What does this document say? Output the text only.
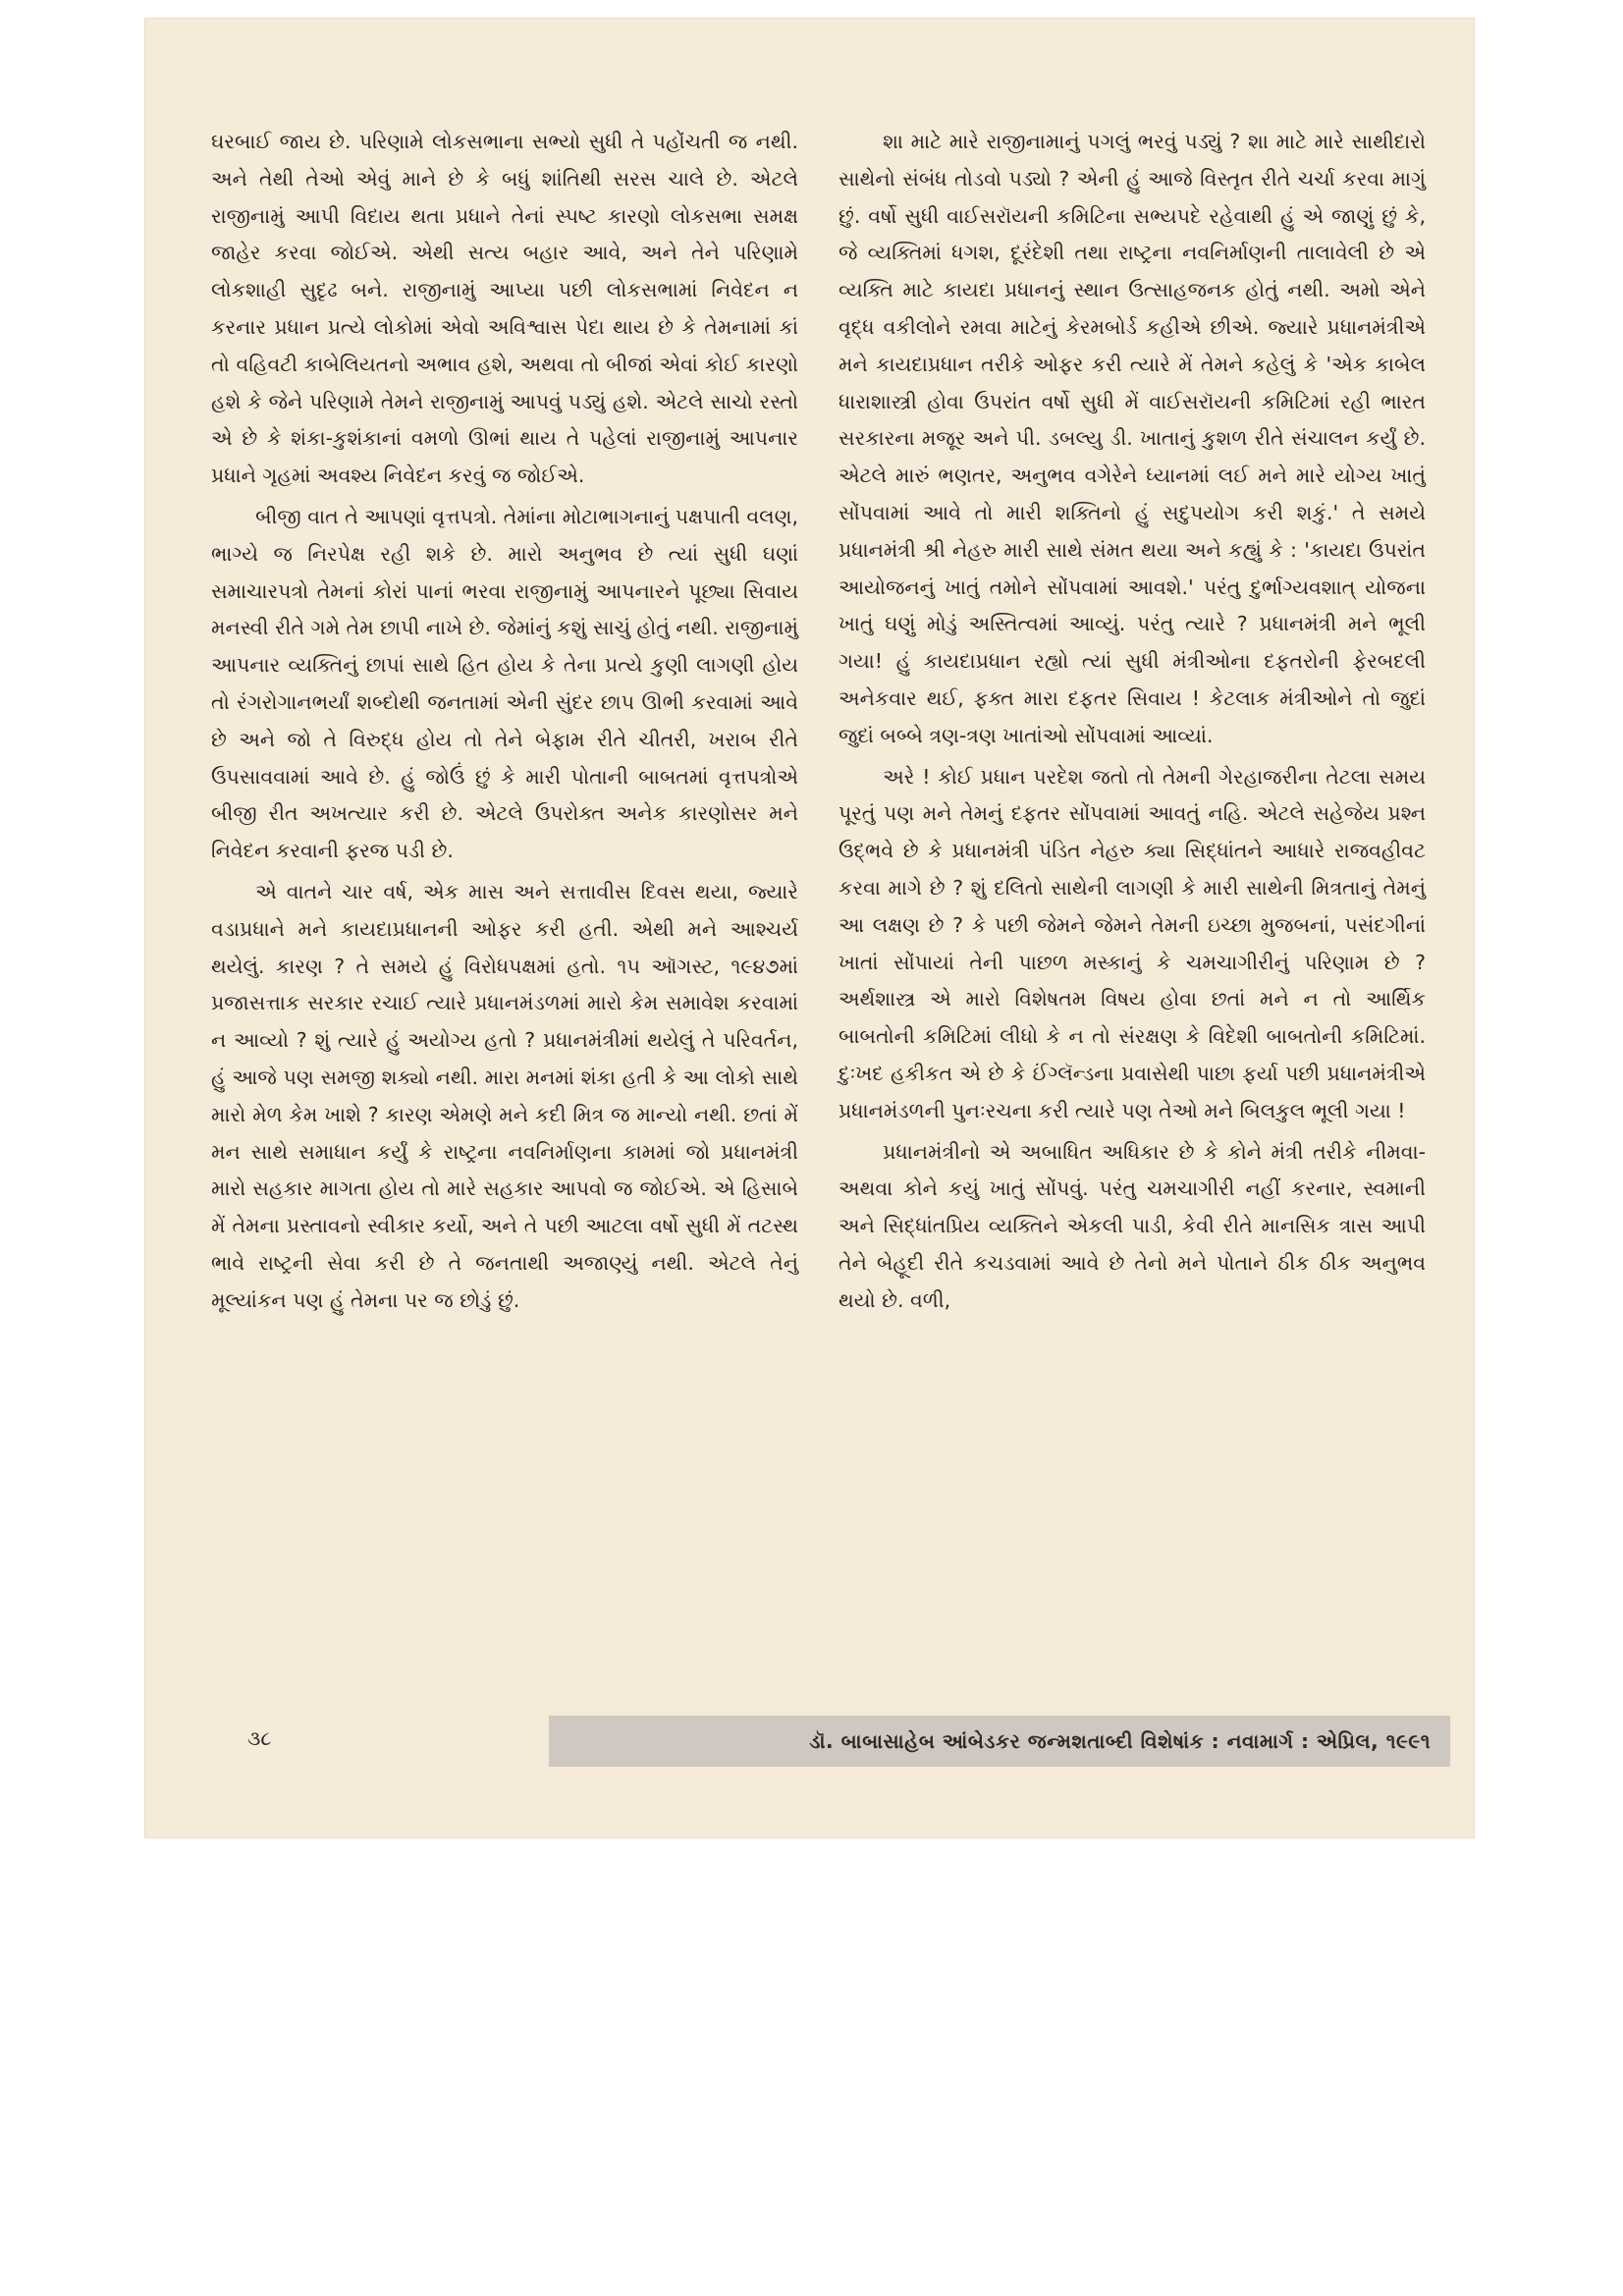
ઘરબાઈ જાય છે. પરિણામે લોકસભાના સભ્યો સુધી તે પહોંચતી જ નથી. અને તેથી તેઓ એવું માને છે કે બધું શાંતિથી સરસ ચાલે છે. એટલે રાજીનામું આપી વિદાય થતા પ્રધાને તેનાં સ્પષ્ટ કારણો લોકસભા સમક્ષ જાહેર કરવા જોઈએ. એથી સત્ય બહાર આવે, અને તેને પરિણામે લોકશાહી સુદૃઢ બને. રાજીનામું આપ્યા પછી લોકસભામાં નિવેદન ન કરનાર પ્રધાન પ્રત્યે લોકોમાં એવો અવિશ્વાસ પેદા થાય છે કે તેમનામાં કાં તો વહિવટી કાબેલિયતનો અભાવ હશે, અથવા તો બીજાં એવાં કોઈ કારણો હશે કે જેને પરિણામે તેમને રાજીનામું આપવું પડ્યું હશે. એટલે સાચો રસ્તો એ છે કે શંકા-કુશંકાનાં વમળો ઊભાં થાય તે પહેલાં રાજીનામું આપનાર પ્રધાને ગૃહમાં અવશ્ય નિવેદન કરવું જ જોઈએ.

બીજી વાત તે આપણાં વૃત્તપત્રો. તેમાંના મોટાભાગનાનું પક્ષપાતી વલણ, ભાગ્યે જ નિરપેક્ષ રહી શકે છે. મારો અનુભવ છે ત્યાં સુધી ઘણાં સમાચારપત્રો તેમનાં કોરાં પાનાં ભરવા રાજીનામું આપનારને પૂછ્યા સિવાય મનસ્વી રીતે ગમે તેમ છાપી નાખે છે. જેમાંનું કશું સાચું હોતું નથી. રાજીનામું આપનાર વ્યક્તિનું છાપાં સાથે હિત હોય કે તેના પ્રત્યે કુણી લાગણી હોય તો રંગરોગાનભર્યાં શબ્દોથી જનતામાં એની સુંદર છાપ ઊભી કરવામાં આવે છે અને જો તે વિરુદ્ધ હોય તો તેને બેફામ રીતે ચીતરી, ખરાબ રીતે ઉપસાવવામાં આવે છે. હું જોઉં છું કે મારી પોતાની બાબતમાં વૃત્તપત્રોએ બીજી રીત અખત્યાર કરી છે. એટલે ઉપરોક્ત અનેક કારણોસર મને નિવેદન કરવાની ફરજ પડી છે.

એ વાતને ચાર વર્ષ, એક માસ અને સત્તાવીસ દિવસ થયા, જ્યારે વડાપ્રધાને મને કાયદાપ્રધાનની ઓફર કરી હતી. એથી મને આશ્ચર્ય થયેલું. કારણ ? તે સમયે હું વિરોધપક્ષમાં હતો. ૧૫ ઑગસ્ટ, ૧૯૪૭માં પ્રજાસત્તાક સરકાર રચાઈ ત્યારે પ્રધાનમંડળમાં મારો કેમ સમાવેશ કરવામાં ન આવ્યો ? શું ત્યારે હું અયોગ્ય હતો ? પ્રધાનમંત્રીમાં થયેલું તે પરિવર્તન, હું આજે પણ સમજી શક્યો નથી. મારા મનમાં શંકા હતી કે આ લોકો સાથે મારો મેળ કેમ ખાશે ? કારણ એમણે મને કદી મિત્ર જ માન્યો નથી. છતાં મેં મન સાથે સમાધાન કર્યું કે રાષ્ટ્રના નવનિર્માણના કામમાં જો પ્રધાનમંત્રી મારો સહકાર માગતા હોય તો મારે સહકાર આપવો જ જોઈએ. એ હિસાબે મેં તેમના પ્રસ્તાવનો સ્વીકાર કર્યો, અને તે પછી આટલા વર્ષો સુધી મેં તટસ્થ ભાવે રાષ્ટ્રની સેવા કરી છે તે જનતાથી અજાણ્યું નથી. એટલે તેનું મૂલ્યાંકન પણ હું તેમના પર જ છોડું છું.

શા માટે મારે રાજીનામાનું પગલું ભરવું પડ્યું ? શા માટે મારે સાથીદારો સાથેનો સંબંધ તોડવો પડ્યો ? એની હું આજે વિસ્તૃત રીતે ચર્ચા કરવા માગું છું. વર્ષો સુધી વાઈસરૉયની કમિટિના સભ્યપદે રહેવાથી હું એ જાણું છું કે, જે વ્યક્તિમાં ધગશ, દૂરંદેશી તથા રાષ્ટ્રના નવનિર્માણની તાલાવેલી છે એ વ્યક્તિ માટે કાયદા પ્રધાનનું સ્થાન ઉત્સાહજનક હોતું નથી. અમો એને વૃદ્ધ વકીલોને રમવા માટેનું કેરમબોર્ડ કહીએ છીએ. જ્યારે પ્રધાનમંત્રીએ મને કાયદાપ્રધાન તરીકે ઓફર કરી ત્યારે મેં તેમને કહેલું કે 'એક કાબેલ ધારાશાસ્ત્રી હોવા ઉપરાંત વર્ષો સુધી મેં વાઈસરૉયની કમિટિમાં રહી ભારત સરકારના મજૂર અને પી. ડબલ્યુ ડી. ખાતાનું કુશળ રીતે સંચાલન કર્યું છે. એટલે મારું ભણતર, અનુભવ વગેરેને ધ્યાનમાં લઈ મને મારે યોગ્ય ખાતું સોંપવામાં આવે તો મારી શક્તિનો હું સદુપયોગ કરી શકું.' તે સમયે પ્રધાનમંત્રી શ્રી નેહરુ મારી સાથે સંમત થયા અને કહ્યું કે : 'કાયદા ઉપરાંત આયોજનનું ખાતું તમોને સોંપવામાં આવશે.' પરંતુ દુર્ભાગ્યવશાત્ યોજના ખાતું ઘણું મોડું અસ્તિત્વમાં આવ્યું. પરંતુ ત્યારે ? પ્રધાનમંત્રી મને ભૂલી ગયા! હું કાયદાપ્રધાન રહ્યો ત્યાં સુધી મંત્રીઓના દફતરોની ફેરબદલી અનેકવાર થઈ, ફક્ત મારા દફતર સિવાય ! કેટલાક મંત્રીઓને તો જુદાં જુદાં બબ્બે ત્રણ-ત્રણ ખાતાંઓ સોંપવામાં આવ્યાં.

અરે ! કોઈ પ્રધાન પરદેશ જતો તો તેમની ગેરહાજરીના તેટલા સમય પૂરતું પણ મને તેમનું દફતર સોંપવામાં આવતું નહિ. એટલે સહેજેય પ્રશ્ન ઉદ્ભવે છે કે પ્રધાનમંત્રી પંડિત નેહરુ ક્યા સિદ્ધાંતને આધારે રાજવહીવટ કરવા માગે છે ? શું દલિતો સાથેની લાગણી કે મારી સાથેની મિત્રતાનું તેમનું આ લક્ષણ છે ? કે પછી જેમને જેમને તેમની ઇચ્છા મુજબનાં, પસંદગીનાં ખાતાં સોંપાયાં તેની પાછળ મસ્કાનું કે ચમચાગીરીનું પરિણામ છે ? અર્થશાસ્ત્ર એ મારો વિશેષતમ વિષય હોવા છતાં મને ન તો આર્થિક બાબતોની કમિટિમાં લીધો કે ન તો સંરક્ષણ કે વિદેશી બાબતોની કમિટિમાં. દુઃખદ હકીકત એ છે કે ઈંગ્લૅન્ડના પ્રવાસેથી પાછા ફર્યા પછી પ્રધાનમંત્રીએ પ્રધાનમંડળની પુનઃરચના કરી ત્યારે પણ તેઓ મને બિલકુલ ભૂલી ગયા !

પ્રધાનમંત્રીનો એ અબાધિત અધિકાર છે કે કોને મંત્રી તરીકે નીમવા- અથવા કોને કયું ખાતું સોંપવું. પરંતુ ચમચાગીરી નહીં કરનાર, સ્વમાની અને સિદ્ધાંતપ્રિય વ્યક્તિને એકલી પાડી, કેવી રીતે માનસિક ત્રાસ આપી તેને બેહૂદી રીતે કચડવામાં આવે છે તેનો મને પોતાને ઠીક ઠીક અનુભવ થયો છે. વળી,

૩૮	ડૉ. બાબાસાહેબ આંબેડકર જન્મશતાબ્દી વિશેષાંક : નવામાર્ગ : એપ્રિલ, ૧૯૯૧
